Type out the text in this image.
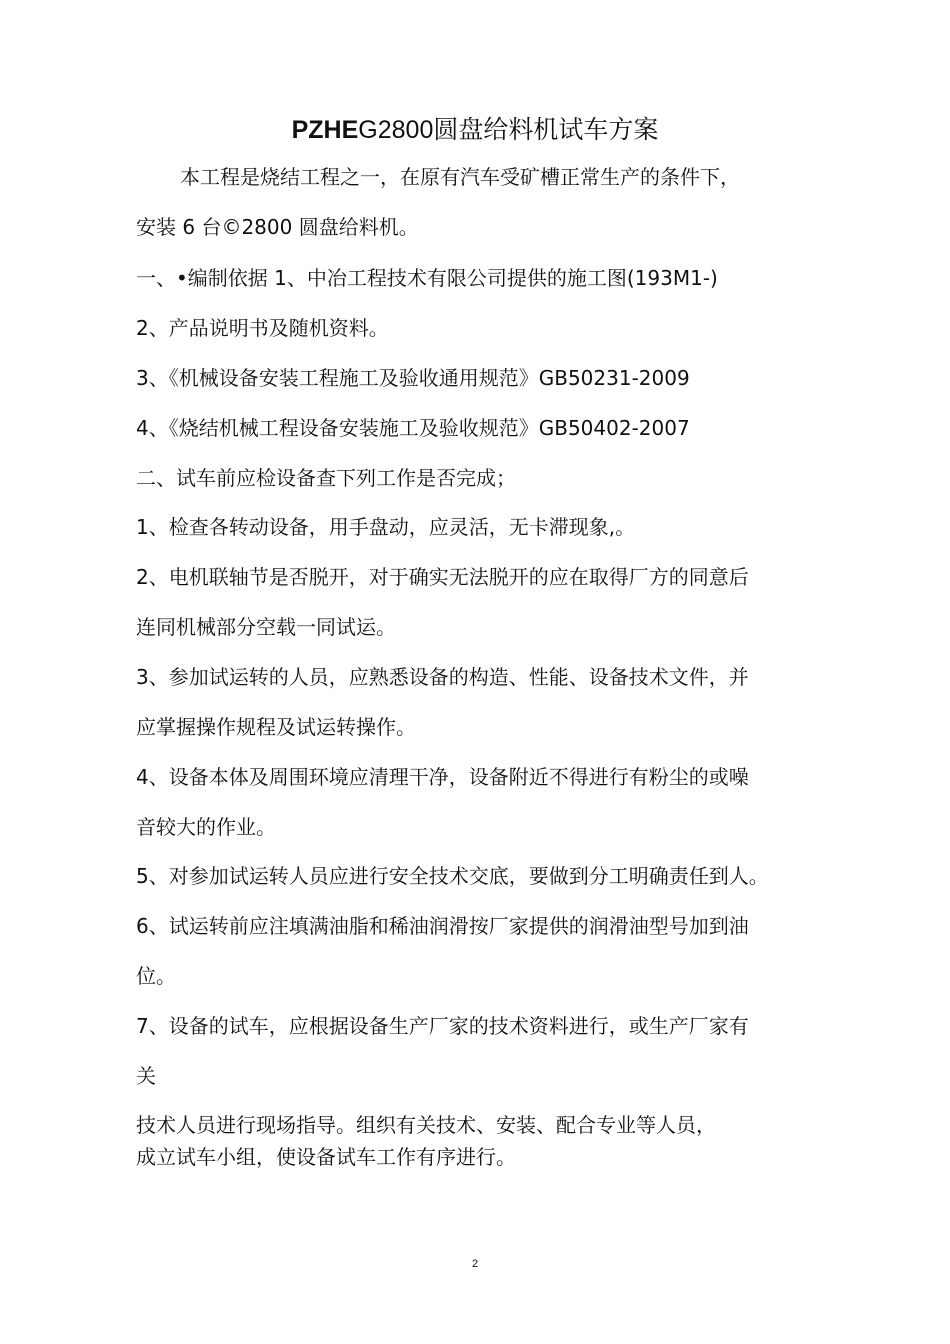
PZHEG2800圆盘给料机试车方案
本工程是烧结工程之一，在原有汽车受矿槽正常生产的条件下，
安装 6 台©2800 圆盘给料机。
一、•编制依据 1、中冶工程技术有限公司提供的施工图(193M1-)
2、产品说明书及随机资料。
3、《机械设备安装工程施工及验收通用规范》GB50231-2009
4、《烧结机械工程设备安装施工及验收规范》GB50402-2007
二、试车前应检设备查下列工作是否完成；
1、检查各转动设备，用手盘动，应灵活，无卡滞现象,。
2、电机联轴节是否脱开，对于确实无法脱开的应在取得厂方的同意后
连同机械部分空载一同试运。
3、参加试运转的人员，应熟悉设备的构造、性能、设备技术文件，并
应掌握操作规程及试运转操作。
4、设备本体及周围环境应清理干净，设备附近不得进行有粉尘的或噪
音较大的作业。
5、对参加试运转人员应进行安全技术交底，要做到分工明确责任到人。
6、试运转前应注填满油脂和稀油润滑按厂家提供的润滑油型号加到油
位。
7、设备的试车，应根据设备生产厂家的技术资料进行，或生产厂家有
关
技术人员进行现场指导。组织有关技术、安装、配合专业等人员，
成立试车小组，使设备试车工作有序进行。
2
